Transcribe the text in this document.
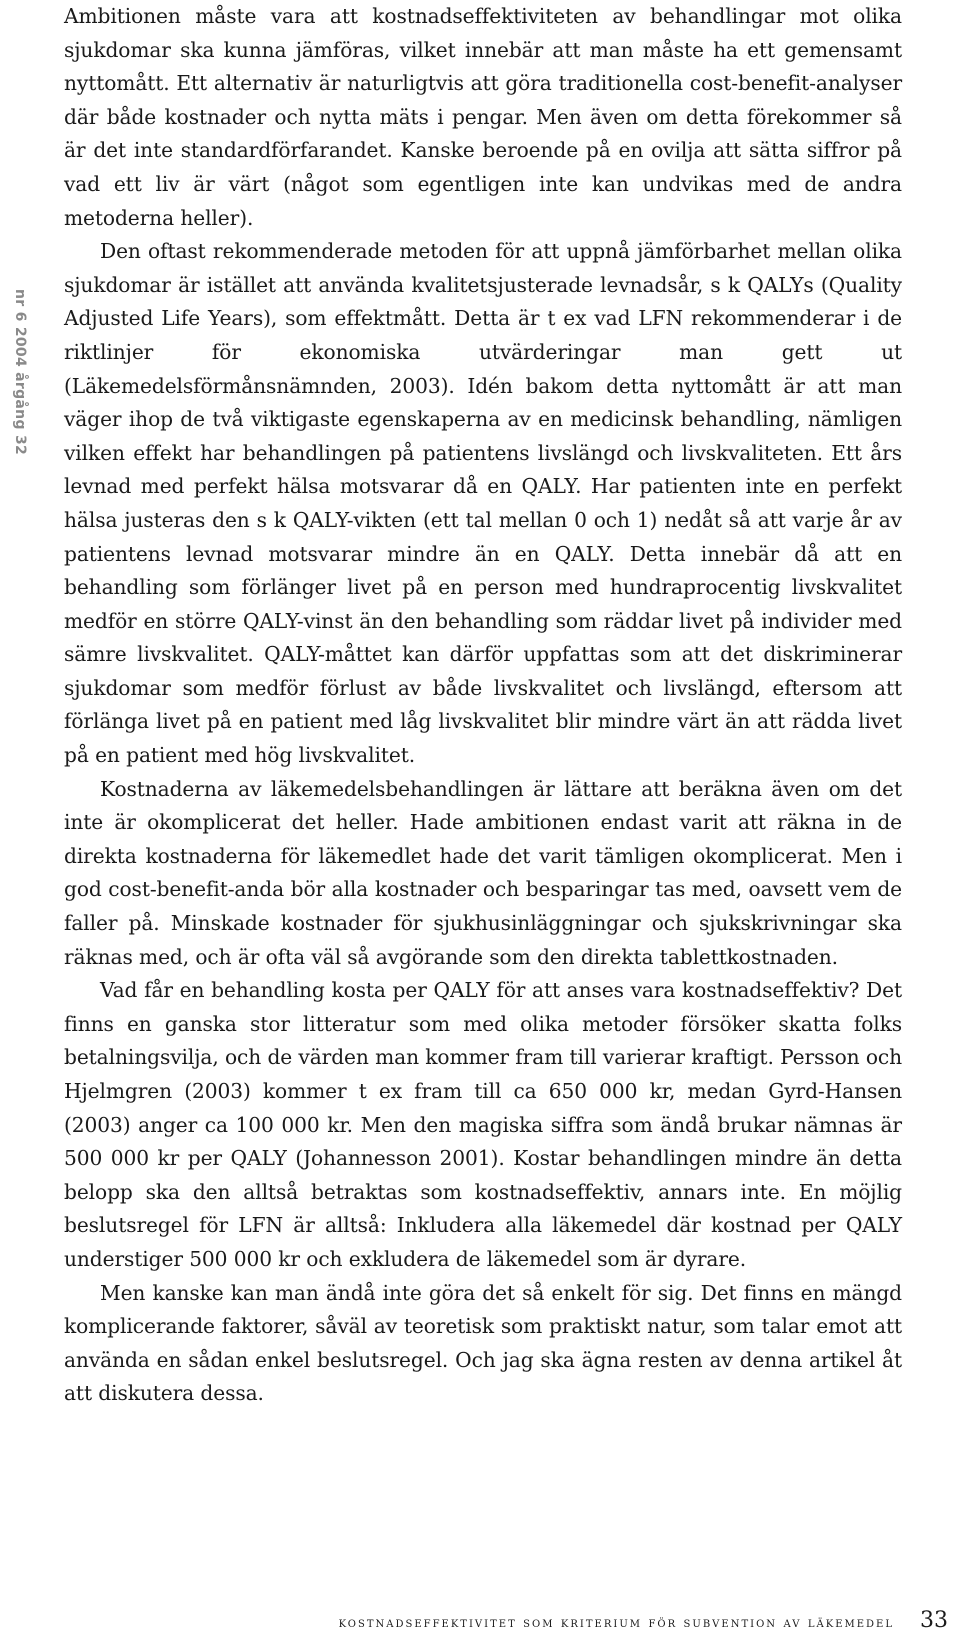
nr 6 2004 årgång 32

Ambitionen måste vara att kostnadseffektiviteten av behandlingar mot olika sjukdomar ska kunna jämföras, vilket innebär att man måste ha ett gemensamt nyttomått. Ett alternativ är naturligtvis att göra traditionella cost-benefit-analyser där både kostnader och nytta mäts i pengar. Men även om detta förekommer så är det inte standardförfarandet. Kanske beroende på en ovilja att sätta siffror på vad ett liv är värt (något som egentligen inte kan undvikas med de andra metoderna heller).

Den oftast rekommenderade metoden för att uppnå jämförbarhet mellan olika sjukdomar är istället att använda kvalitetsjusterade levnadsår, s k QALYs (Quality Adjusted Life Years), som effektmått. Detta är t ex vad LFN rekommenderar i de riktlinjer för ekonomiska utvärderingar man gett ut (Läkemedelsförmånsnämnden, 2003). Idén bakom detta nyttomått är att man väger ihop de två viktigaste egenskaperna av en medicinsk behandling, nämligen vilken effekt har behandlingen på patientens livslängd och livskvaliteten. Ett års levnad med perfekt hälsa motsvarar då en QALY. Har patienten inte en perfekt hälsa justeras den s k QALY-vikten (ett tal mellan 0 och 1) nedåt så att varje år av patientens levnad motsvarar mindre än en QALY. Detta innebär då att en behandling som förlänger livet på en person med hundraprocentig livskvalitet medför en större QALY-vinst än den behandling som räddar livet på individer med sämre livskvalitet. QALY-måttet kan därför uppfattas som att det diskriminerar sjukdomar som medför förlust av både livskvalitet och livslängd, eftersom att förlänga livet på en patient med låg livskvalitet blir mindre värt än att rädda livet på en patient med hög livskvalitet.

Kostnaderna av läkemedelsbehandlingen är lättare att beräkna även om det inte är okomplicerat det heller. Hade ambitionen endast varit att räkna in de direkta kostnaderna för läkemedlet hade det varit tämligen okomplicerat. Men i god cost-benefit-anda bör alla kostnader och besparingar tas med, oavsett vem de faller på. Minskade kostnader för sjukhusinläggningar och sjukskrivningar ska räknas med, och är ofta väl så avgörande som den direkta tablettkostnaden.

Vad får en behandling kosta per QALY för att anses vara kostnadseffektiv? Det finns en ganska stor litteratur som med olika metoder försöker skatta folks betalningsvilja, och de värden man kommer fram till varierar kraftigt. Persson och Hjelmgren (2003) kommer t ex fram till ca 650 000 kr, medan Gyrd-Hansen (2003) anger ca 100 000 kr. Men den magiska siffra som ändå brukar nämnas är 500 000 kr per QALY (Johannesson 2001). Kostar behandlingen mindre än detta belopp ska den alltså betraktas som kostnadseffektiv, annars inte. En möjlig beslutsregel för LFN är alltså: Inkludera alla läkemedel där kostnad per QALY understiger 500 000 kr och exkludera de läkemedel som är dyrare.

Men kanske kan man ändå inte göra det så enkelt för sig. Det finns en mängd komplicerande faktorer, såväl av teoretisk som praktiskt natur, som talar emot att använda en sådan enkel beslutsregel. Och jag ska ägna resten av denna artikel åt att diskutera dessa.

kostnadseffektivitet som kriterium för subvention av läkemedel 33
